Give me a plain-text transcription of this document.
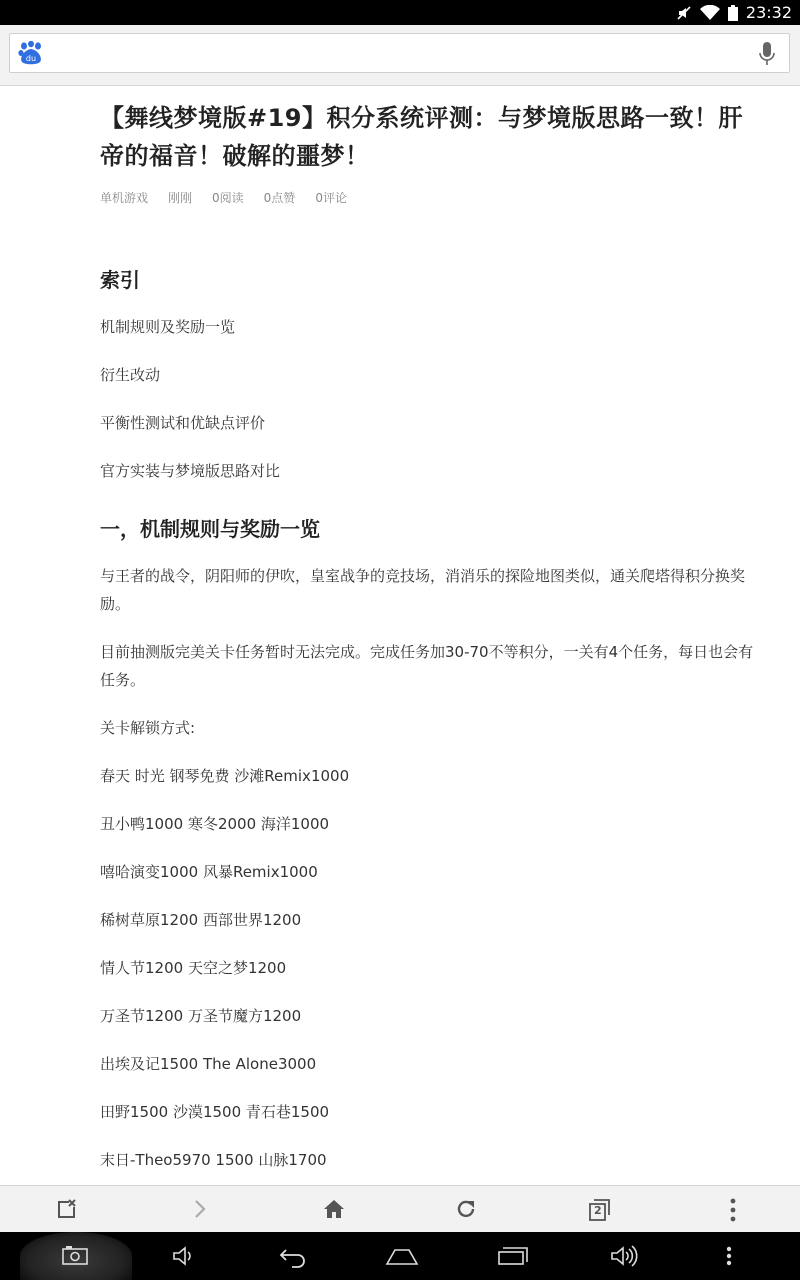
23:32
du
【舞线梦境版#19】积分系统评测：与梦境版思路一致！肝帝的福音！破解的噩梦！
单机游戏 刚刚 0阅读 0点赞 0评论
索引
机制规则及奖励一览
衍生改动
平衡性测试和优缺点评价
官方实装与梦境版思路对比
一，机制规则与奖励一览
与王者的战令，阴阳师的伊吹，皇室战争的竞技场，消消乐的探险地图类似，通关爬塔得积分换奖励。
目前抽测版完美关卡任务暂时无法完成。完成任务加30-70不等积分，一关有4个任务，每日也会有任务。
关卡解锁方式:
春天 时光 钢琴免费 沙滩Remix1000
丑小鸭1000 寒冬2000 海洋1000
嘻哈演变1000 风暴Remix1000
稀树草原1200 西部世界1200
情人节1200 天空之梦1200
万圣节1200 万圣节魔方1200
出埃及记1500 The Alone3000
田野1500 沙漠1500 青石巷1500
末日-Theo5970 1500 山脉1700
2
